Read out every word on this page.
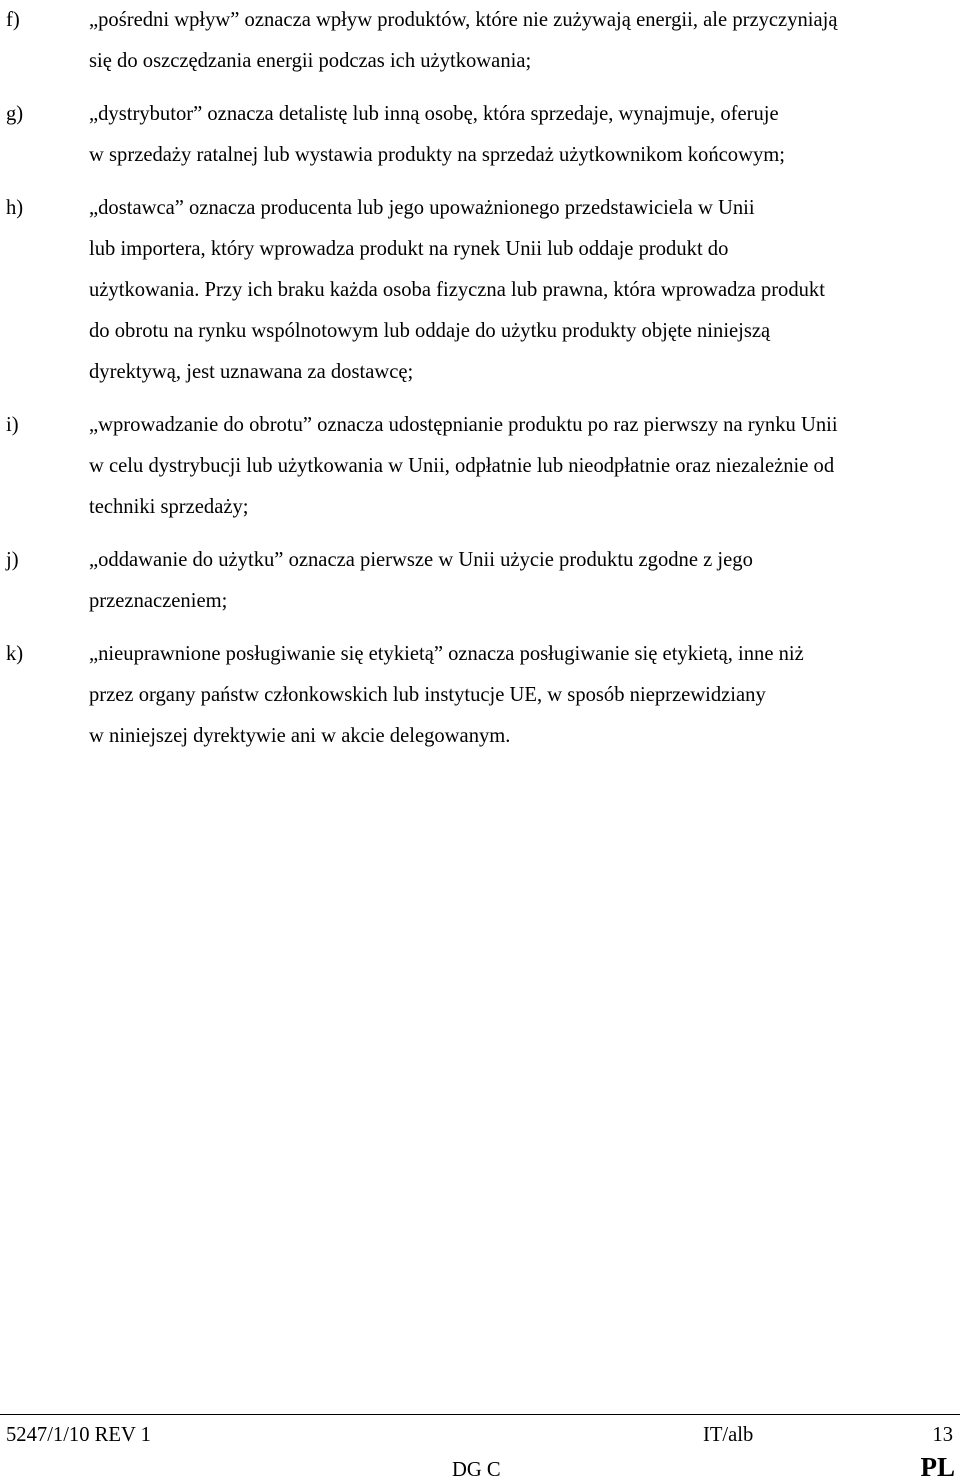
f)	„pośredni wpływ” oznacza wpływ produktów, które nie zużywają energii, ale przyczyniają
się do oszczędzania energii podczas ich użytkowania;
g)	„dystrybutor” oznacza detalistę lub inną osobę, która sprzedaje, wynajmuje, oferuje
w sprzedaży ratalnej lub wystawia produkty na sprzedaż użytkownikom końcowym;
h)	„dostawca” oznacza producenta lub jego upoważnionego przedstawiciela w Unii
lub importera, który wprowadza produkt na rynek Unii lub oddaje produkt do
użytkowania. Przy ich braku każda osoba fizyczna lub prawna, która wprowadza produkt
do obrotu na rynku wspólnotowym lub oddaje do użytku produkty objęte niniejszą
dyrektywą, jest uznawana za dostawcę;
i)	„wprowadzanie do obrotu” oznacza udostępnianie produktu po raz pierwszy na rynku Unii
w celu dystrybucji lub użytkowania w Unii, odpłatnie lub nieodpłatnie oraz niezależnie od
techniki sprzedaży;
j)	„oddawanie do użytku” oznacza pierwsze w Unii użycie produktu zgodne z jego
przeznaczeniem;
k)	„nieuprawnione posługiwanie się etykietą” oznacza posługiwanie się etykietą, inne niż
przez organy państw członkowskich lub instytucje UE, w sposób nieprzewidziany
w niniejszej dyrektywie ani w akcie delegowanym.
5247/1/10 REV 1	IT/alb	13
DG C	PL
